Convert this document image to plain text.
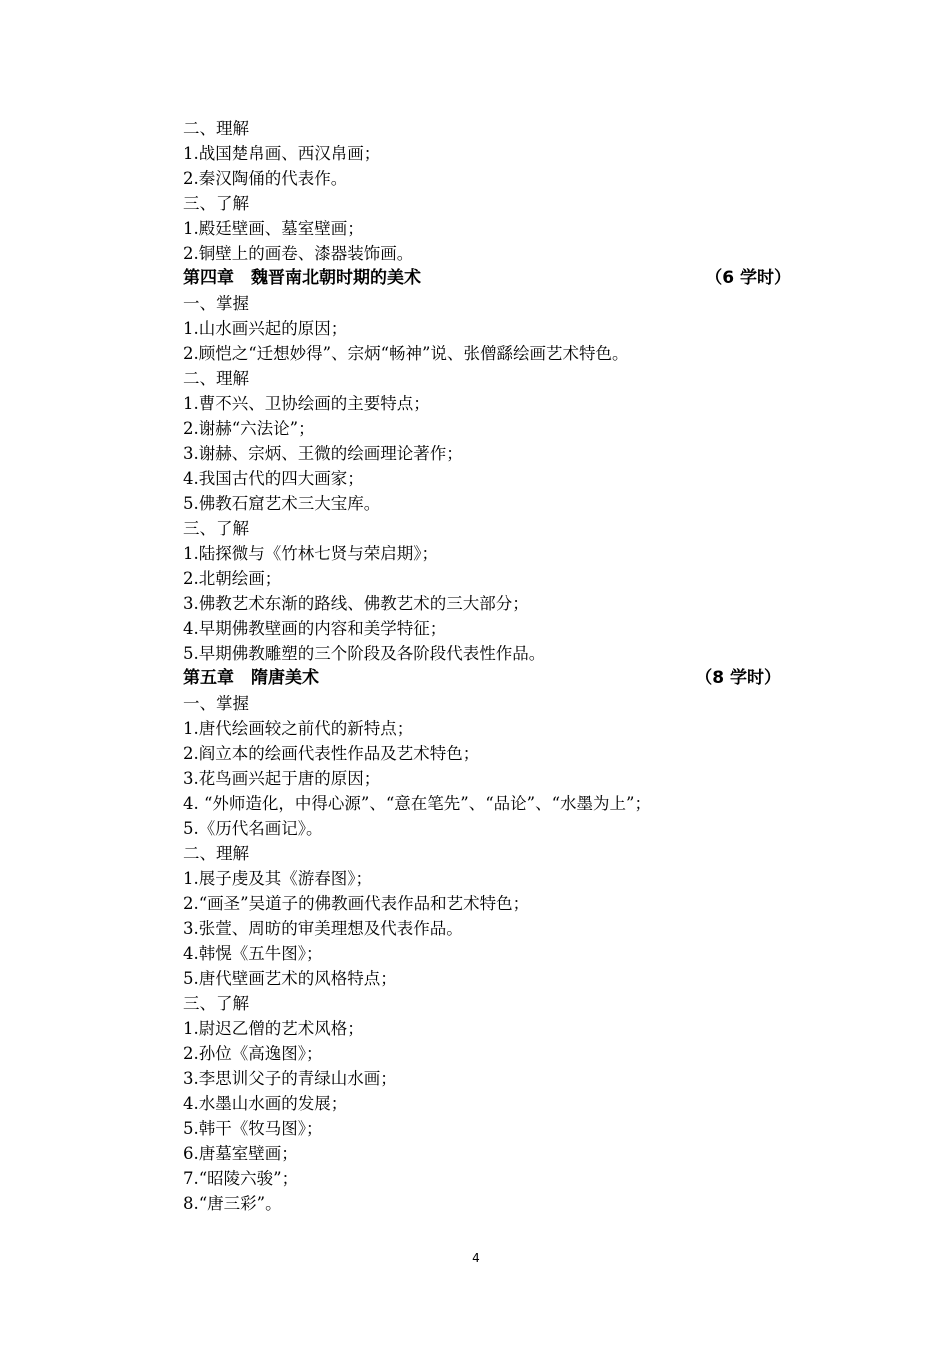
二、理解
1.战国楚帛画、西汉帛画；
2.秦汉陶俑的代表作。
三、了解
1.殿廷壁画、墓室壁画；
2.铜壁上的画卷、漆器装饰画。
第四章　魏晋南北朝时期的美术	（6 学时）
一、掌握
1.山水画兴起的原因；
2.顾恺之“迁想妙得”、宗炳“畅神”说、张僧繇绘画艺术特色。
二、理解
1.曹不兴、卫协绘画的主要特点；
2.谢赫“六法论”；
3.谢赫、宗炳、王微的绘画理论著作；
4.我国古代的四大画家；
5.佛教石窟艺术三大宝库。
三、了解
1.陆探微与《竹林七贤与荣启期》；
2.北朝绘画；
3.佛教艺术东渐的路线、佛教艺术的三大部分；
4.早期佛教壁画的内容和美学特征；
5.早期佛教雕塑的三个阶段及各阶段代表性作品。
第五章　隋唐美术	（8 学时）
一、掌握
1.唐代绘画较之前代的新特点；
2.阎立本的绘画代表性作品及艺术特色；
3.花鸟画兴起于唐的原因；
4. “外师造化，中得心源”、“意在笔先”、“品论”、“水墨为上”；
5.《历代名画记》。
二、理解
1.展子虔及其《游春图》；
2.“画圣”吴道子的佛教画代表作品和艺术特色；
3.张萱、周昉的审美理想及代表作品。
4.韩愰《五牛图》；
5.唐代壁画艺术的风格特点；
三、了解
1.尉迟乙僧的艺术风格；
2.孙位《高逸图》；
3.李思训父子的青绿山水画；
4.水墨山水画的发展；
5.韩干《牧马图》；
6.唐墓室壁画；
7.“昭陵六骏”；
8.“唐三彩”。
4
